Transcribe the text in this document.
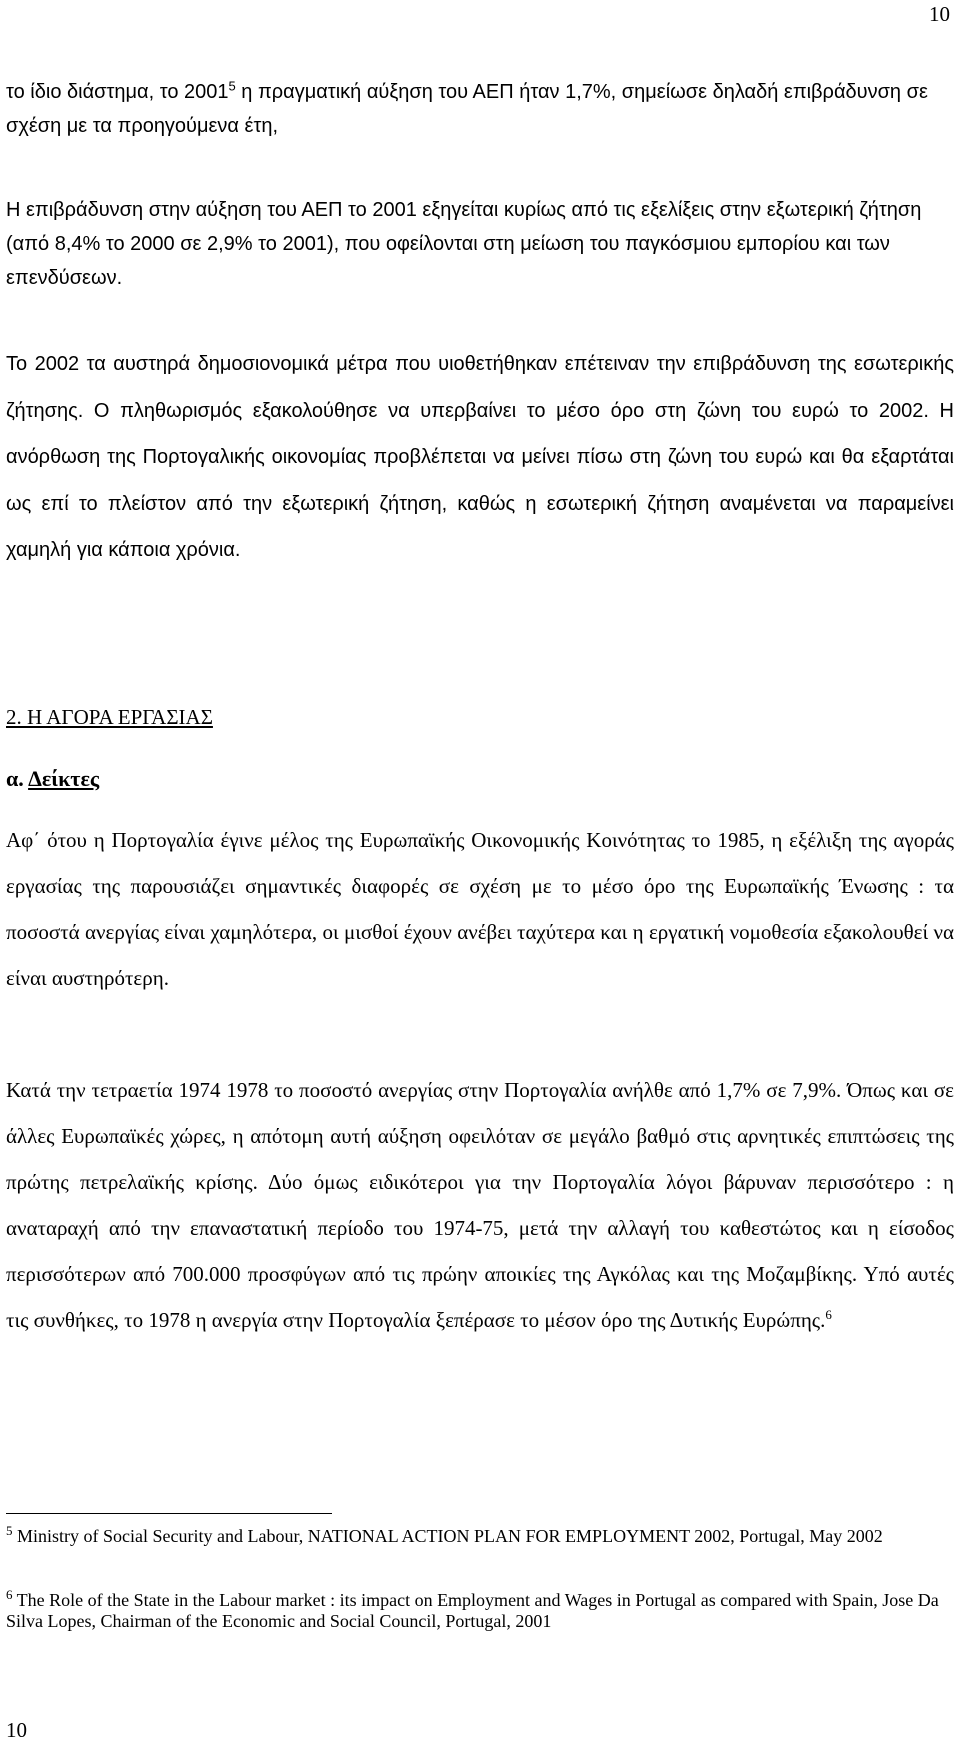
10

το ίδιο διάστημα, το 2001$^5$ η πραγματική αύξηση του ΑΕΠ ήταν 1,7%, σημείωσε δηλαδή επιβράδυνση σε σχέση με τα προηγούμενα έτη,

Η επιβράδυνση στην αύξηση του ΑΕΠ το 2001 εξηγείται κυρίως από τις εξελίξεις στην εξωτερική ζήτηση (από 8,4% το 2000 σε 2,9% το 2001), που οφείλονται στη μείωση του παγκόσμιου εμπορίου και των επενδύσεων.

Το 2002 τα αυστηρά δημοσιονομικά μέτρα που υιοθετήθηκαν επέτειναν την επιβράδυνση της εσωτερικής ζήτησης. Ο πληθωρισμός εξακολούθησε να υπερβαίνει το μέσο όρο στη ζώνη του ευρώ το 2002. Η ανόρθωση της Πορτογαλικής οικονομίας προβλέπεται να μείνει πίσω στη ζώνη του ευρώ και θα εξαρτάται ως επί το πλείστον από την εξωτερική ζήτηση, καθώς η εσωτερική ζήτηση αναμένεται να παραμείνει χαμηλή για κάποια χρόνια.

2. Η ΑΓΟΡΑ ΕΡΓΑΣΙΑΣ
α. Δείκτες

Αφ΄ ότου η Πορτογαλία έγινε μέλος της Ευρωπαϊκής Οικονομικής Κοινότητας το 1985, η εξέλιξη της αγοράς εργασίας της παρουσιάζει σημαντικές διαφορές σε σχέση με το μέσο όρο της Ευρωπαϊκής Ένωσης : τα ποσοστά ανεργίας είναι χαμηλότερα, οι μισθοί έχουν ανέβει ταχύτερα και η εργατική νομοθεσία εξακολουθεί να είναι αυστηρότερη.

Κατά την τετραετία 1974 1978 το ποσοστό ανεργίας στην Πορτογαλία ανήλθε από 1,7% σε 7,9%. Όπως και σε άλλες Ευρωπαϊκές χώρες, η απότομη αυτή αύξηση οφειλόταν σε μεγάλο βαθμό στις αρνητικές επιπτώσεις της πρώτης πετρελαϊκής κρίσης. Δύο όμως ειδικότεροι για την Πορτογαλία λόγοι βάρυναν περισσότερο : η αναταραχή από την επαναστατική περίοδο του 1974-75, μετά την αλλαγή του καθεστώτος και η είσοδος περισσότερων από 700.000 προσφύγων από τις πρώην αποικίες της Αγκόλας και της Μοζαμβίκης. Υπό αυτές τις συνθήκες, το 1978 η ανεργία στην Πορτογαλία ξεπέρασε το μέσον όρο της Δυτικής Ευρώπης.$^6$

$^5$ Ministry of Social Security and Labour, NATIONAL ACTION PLAN FOR EMPLOYMENT 2002, Portugal, May 2002

$^6$ The Role of the State in the Labour market : its impact on Employment and Wages in Portugal as compared with Spain, Jose Da Silva Lopes, Chairman of the Economic and Social Council, Portugal, 2001

10
